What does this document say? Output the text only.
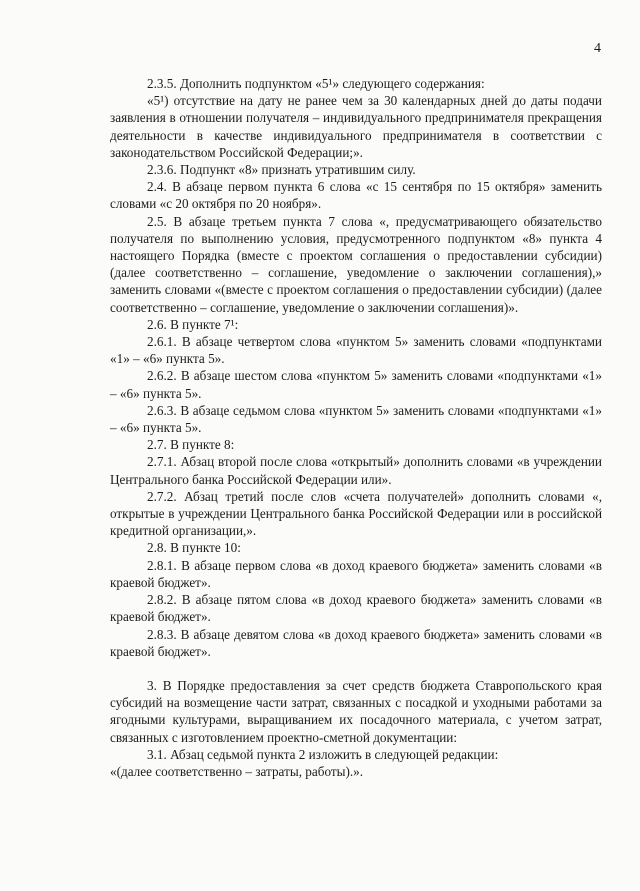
4

2.3.5. Дополнить подпунктом «5¹» следующего содержания:

«5¹) отсутствие на дату не ранее чем за 30 календарных дней до даты подачи заявления в отношении получателя – индивидуального предпринимателя прекращения деятельности в качестве индивидуального предпринимателя в соответствии с законодательством Российской Федерации;».

2.3.6. Подпункт «8» признать утратившим силу.

2.4. В абзаце первом пункта 6 слова «с 15 сентября по 15 октября» заменить словами «с 20 октября по 20 ноября».

2.5. В абзаце третьем пункта 7 слова «, предусматривающего обязательство получателя по выполнению условия, предусмотренного подпунктом «8» пункта 4 настоящего Порядка (вместе с проектом соглашения о предоставлении субсидии) (далее соответственно – соглашение, уведомление о заключении соглашения),» заменить словами «(вместе с проектом соглашения о предоставлении субсидии) (далее соответственно – соглашение, уведомление о заключении соглашения)».

2.6. В пункте 7¹:

2.6.1. В абзаце четвертом слова «пунктом 5» заменить словами «подпунктами «1» – «6» пункта 5».

2.6.2. В абзаце шестом слова «пунктом 5» заменить словами «подпунктами «1» – «6» пункта 5».

2.6.3. В абзаце седьмом слова «пунктом 5» заменить словами «подпунктами «1» – «6» пункта 5».

2.7. В пункте 8:

2.7.1. Абзац второй после слова «открытый» дополнить словами «в учреждении Центрального банка Российской Федерации или».

2.7.2. Абзац третий после слов «счета получателей» дополнить словами «, открытые в учреждении Центрального банка Российской Федерации или в российской кредитной организации,».

2.8. В пункте 10:

2.8.1. В абзаце первом слова «в доход краевого бюджета» заменить словами «в краевой бюджет».

2.8.2. В абзаце пятом слова «в доход краевого бюджета» заменить словами «в краевой бюджет».

2.8.3. В абзаце девятом слова «в доход краевого бюджета» заменить словами «в краевой бюджет».

3. В Порядке предоставления за счет средств бюджета Ставропольского края субсидий на возмещение части затрат, связанных с посадкой и уходными работами за ягодными культурами, выращиванием их посадочного материала, с учетом затрат, связанных с изготовлением проектно-сметной документации:

3.1. Абзац седьмой пункта 2 изложить в следующей редакции:

«(далее соответственно – затраты, работы).».
